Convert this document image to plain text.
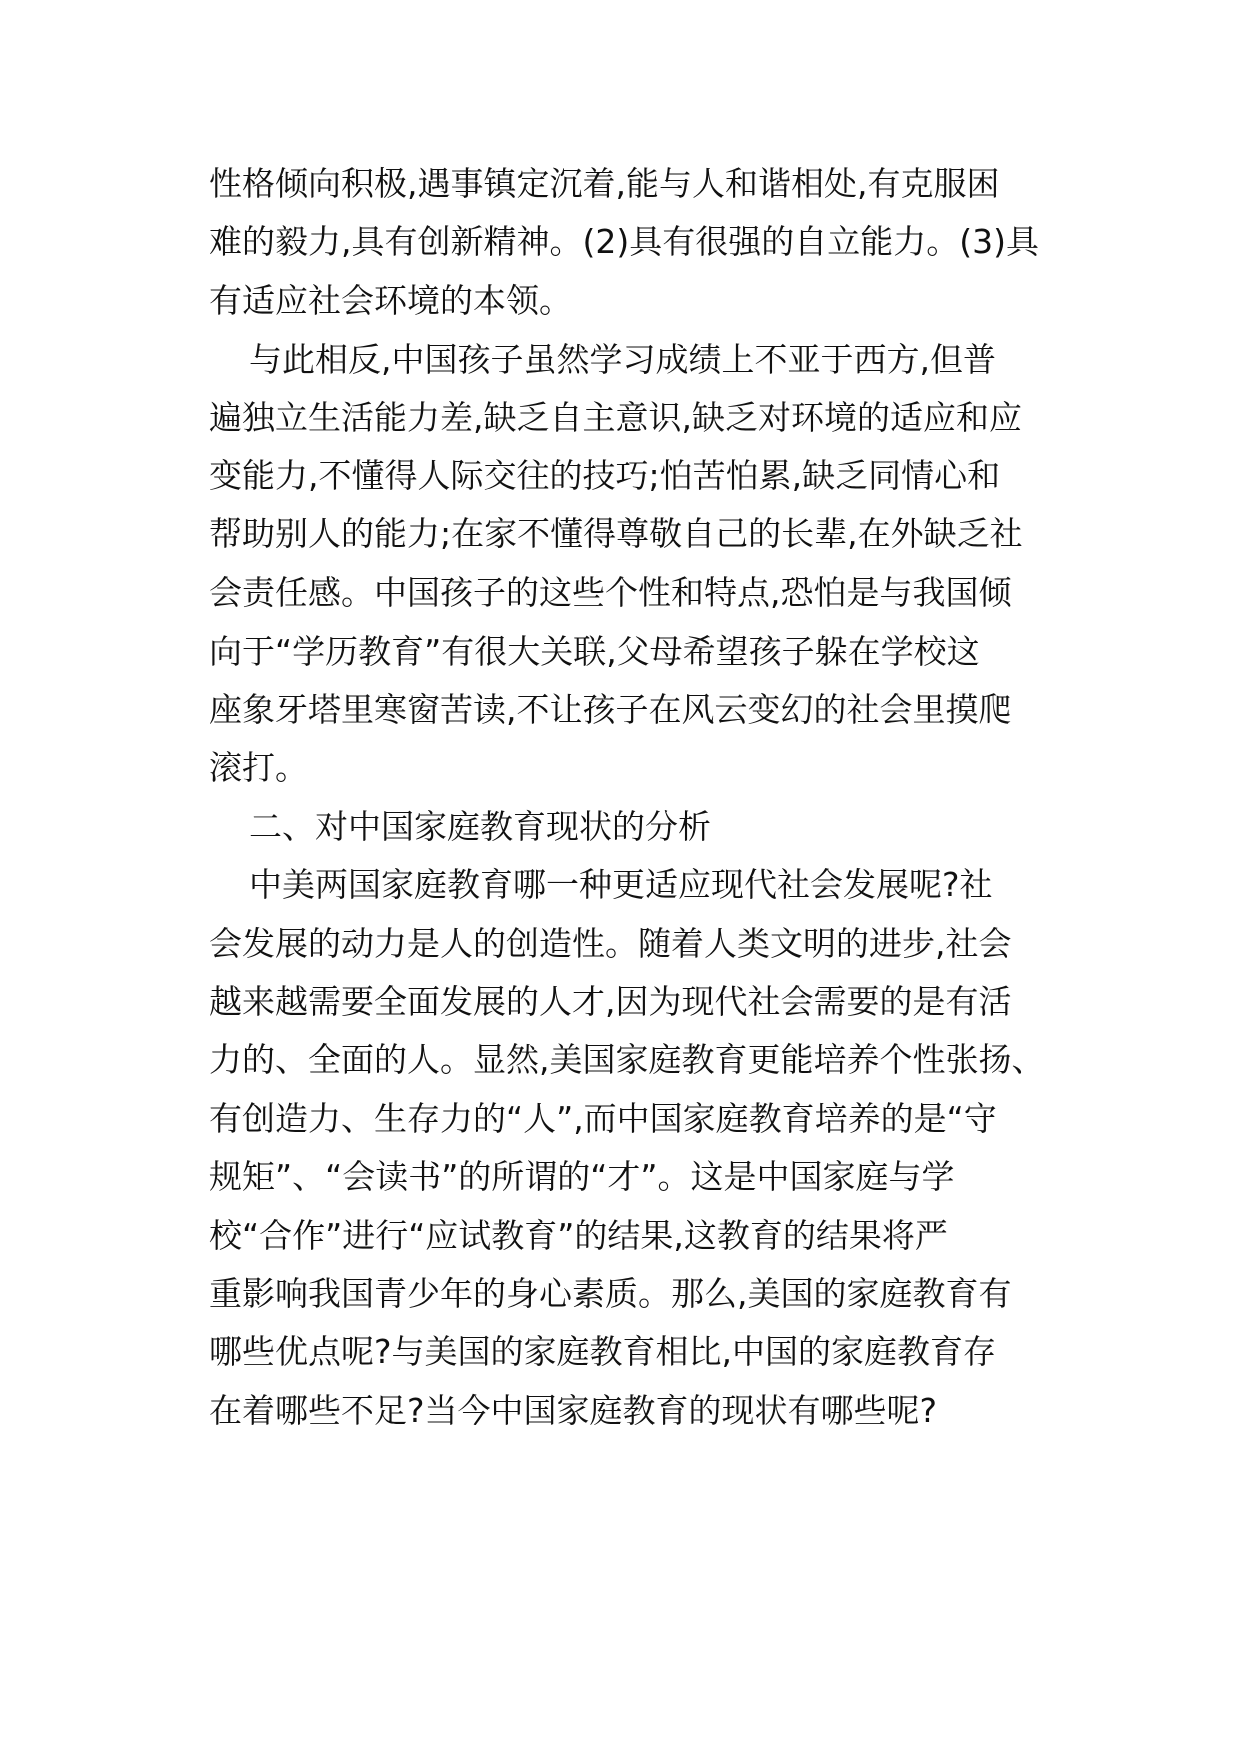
性格倾向积极,遇事镇定沉着,能与人和谐相处,有克服困
难的毅力,具有创新精神。(2)具有很强的自立能力。(3)具
有适应社会环境的本领。
与此相反,中国孩子虽然学习成绩上不亚于西方,但普
遍独立生活能力差,缺乏自主意识,缺乏对环境的适应和应
变能力,不懂得人际交往的技巧;怕苦怕累,缺乏同情心和
帮助别人的能力;在家不懂得尊敬自己的长辈,在外缺乏社
会责任感。中国孩子的这些个性和特点,恐怕是与我国倾
向于“学历教育”有很大关联,父母希望孩子躲在学校这
座象牙塔里寒窗苦读,不让孩子在风云变幻的社会里摸爬
滚打。
二、对中国家庭教育现状的分析
中美两国家庭教育哪一种更适应现代社会发展呢?社
会发展的动力是人的创造性。随着人类文明的进步,社会
越来越需要全面发展的人才,因为现代社会需要的是有活
力的、全面的人。显然,美国家庭教育更能培养个性张扬、
有创造力、生存力的“人”,而中国家庭教育培养的是“守
规矩”、“会读书”的所谓的“才”。这是中国家庭与学
校“合作”进行“应试教育”的结果,这教育的结果将严
重影响我国青少年的身心素质。那么,美国的家庭教育有
哪些优点呢?与美国的家庭教育相比,中国的家庭教育存
在着哪些不足?当今中国家庭教育的现状有哪些呢?
